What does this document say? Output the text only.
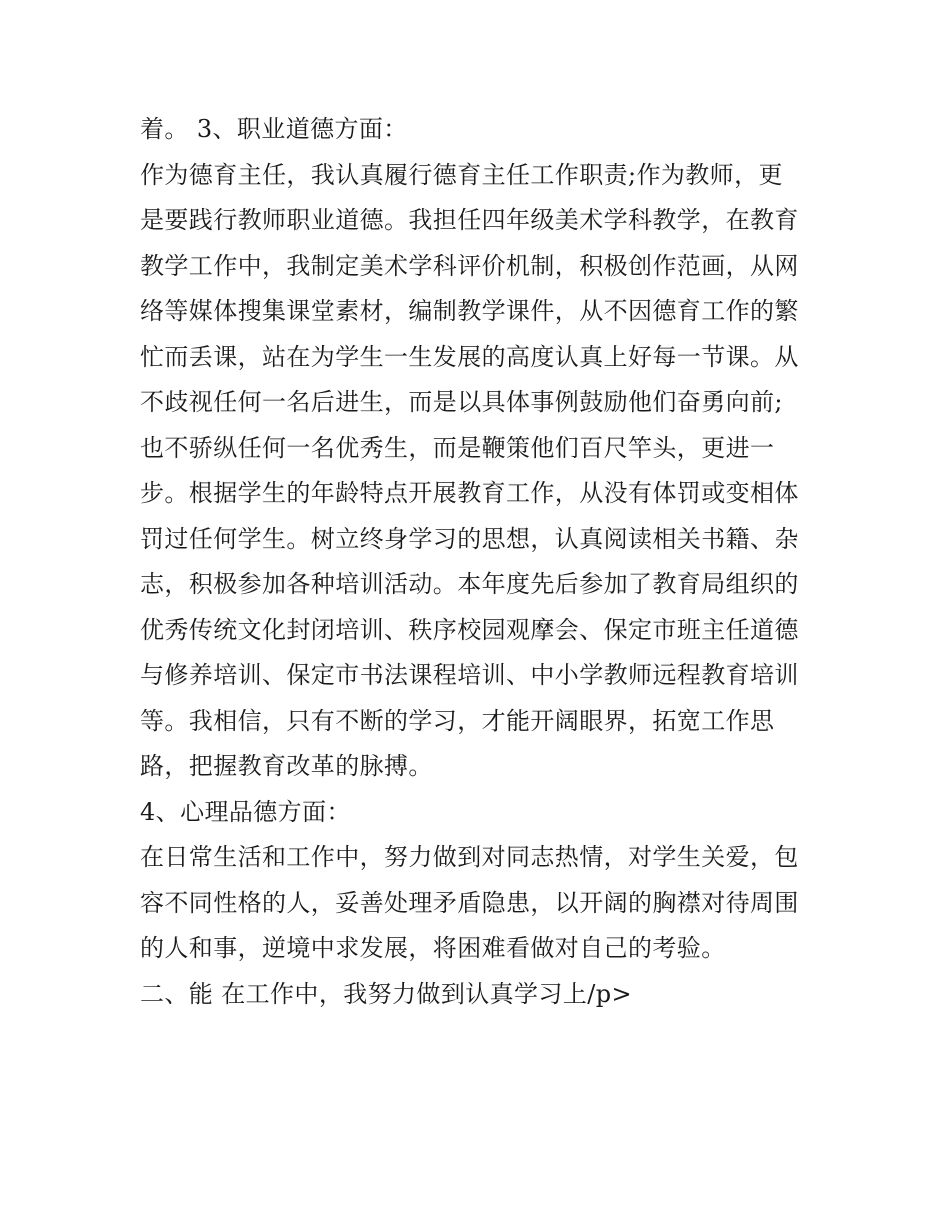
着。 3、职业道德方面：
作为德育主任，我认真履行德育主任工作职责;作为教师，更
是要践行教师职业道德。我担任四年级美术学科教学，在教育
教学工作中，我制定美术学科评价机制，积极创作范画，从网
络等媒体搜集课堂素材，编制教学课件，从不因德育工作的繁
忙而丢课，站在为学生一生发展的高度认真上好每一节课。从
不歧视任何一名后进生，而是以具体事例鼓励他们奋勇向前;
也不骄纵任何一名优秀生，而是鞭策他们百尺竿头，更进一
步。根据学生的年龄特点开展教育工作，从没有体罚或变相体
罚过任何学生。树立终身学习的思想，认真阅读相关书籍、杂
志，积极参加各种培训活动。本年度先后参加了教育局组织的
优秀传统文化封闭培训、秩序校园观摩会、保定市班主任道德
与修养培训、保定市书法课程培训、中小学教师远程教育培训
等。我相信，只有不断的学习，才能开阔眼界，拓宽工作思
路，把握教育改革的脉搏。
4、心理品德方面：
在日常生活和工作中，努力做到对同志热情，对学生关爱，包
容不同性格的人，妥善处理矛盾隐患，以开阔的胸襟对待周围
的人和事，逆境中求发展，将困难看做对自己的考验。
二、能 在工作中，我努力做到认真学习上/p>
